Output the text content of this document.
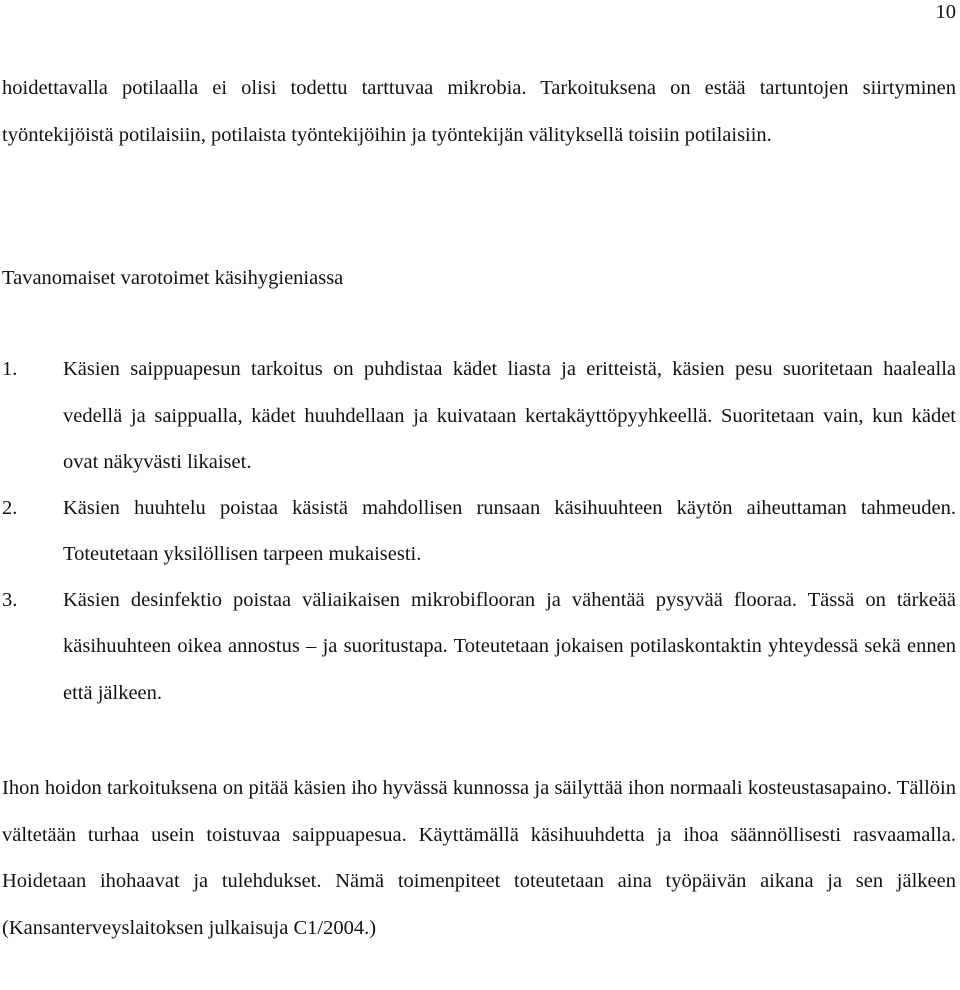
10

hoidettavalla potilaalla ei olisi todettu tarttuvaa mikrobia. Tarkoituksena on estää tartuntojen siirtyminen työntekijöistä potilaisiin, potilaista työntekijöihin ja työntekijän välityksellä toisiin potilaisiin.

Tavanomaiset varotoimet käsihygieniassa
1. Käsien saippuapesun tarkoitus on puhdistaa kädet liasta ja eritteistä, käsien pesu suoritetaan haalealla vedellä ja saippualla, kädet huuhdellaan ja kuivataan kertakäyttöpyyhkeellä. Suoritetaan vain, kun kädet ovat näkyvästi likaiset.
2. Käsien huuhtelu poistaa käsistä mahdollisen runsaan käsihuuhteen käytön aiheuttaman tahmeuden. Toteutetaan yksilöllisen tarpeen mukaisesti.
3. Käsien desinfektio poistaa väliaikaisen mikrobiflooran ja vähentää pysyvää flooraa. Tässä on tärkeää käsihuuhteen oikea annostus – ja suoritustapa. Toteutetaan jokaisen potilaskontaktin yhteydessä sekä ennen että jälkeen.

Ihon hoidon tarkoituksena on pitää käsien iho hyvässä kunnossa ja säilyttää ihon normaali kosteustasapaino. Tällöin vältetään turhaa usein toistuvaa saippuapesua. Käyttämällä käsihuuhdetta ja ihoa säännöllisesti rasvaamalla. Hoidetaan ihohaavat ja tulehdukset. Nämä toimenpiteet toteutetaan aina työpäivän aikana ja sen jälkeen (Kansanterveyslaitoksen julkaisuja C1/2004.)
